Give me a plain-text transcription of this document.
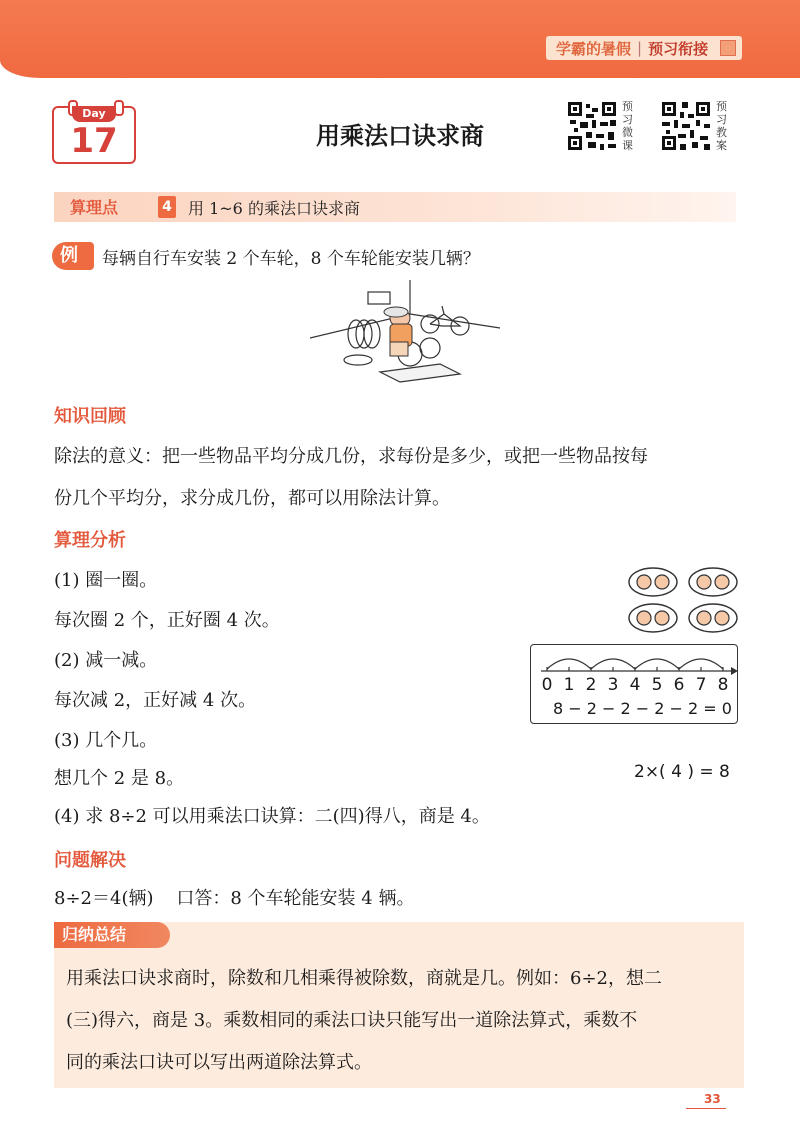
学霸的暑假 | 预习衔接
Day
17	用乘法口诀求商
预习微课
预习教案
算理点	4 用 1~6 的乘法口诀求商
例	每辆自行车安装 2 个车轮，8 个车轮能安装几辆？
知识回顾
除法的意义：把一些物品平均分成几份，求每份是多少，或把一些物品按每
份几个平均分，求分成几份，都可以用除法计算。
算理分析
(1) 圈一圈。
每次圈 2 个，正好圈 4 次。
(2) 减一减。
每次减 2，正好减 4 次。
(3) 几个几。
想几个 2 是 8。
(4) 求 8÷2 可以用乘法口诀算：二(四)得八，商是 4。
0 1 2 3 4 5 6 7 8
8 − 2 − 2 − 2 − 2 = 0
2×( 4 ) = 8
问题解决
8÷2＝4(辆)    口答：8 个车轮能安装 4 辆。
归纳总结
用乘法口诀求商时，除数和几相乘得被除数，商就是几。例如：6÷2，想二
(三)得六，商是 3。乘数相同的乘法口诀只能写出一道除法算式，乘数不
同的乘法口诀可以写出两道除法算式。
33
